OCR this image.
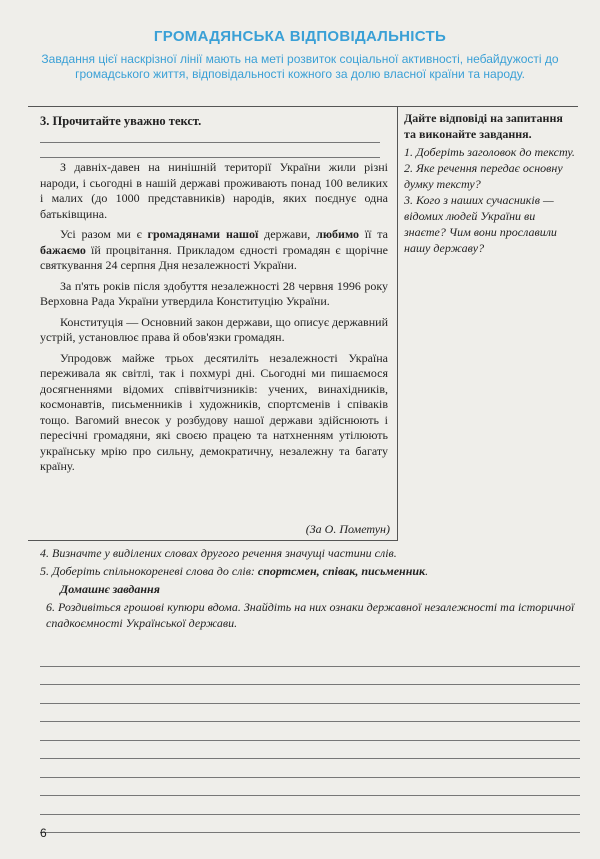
ГРОМАДЯНСЬКА ВІДПОВІДАЛЬНІСТЬ
Завдання цієї наскрізної лінії мають на меті розвиток соціальної активності, небайдужості до громадського життя, відповідальності кожного за долю власної країни та народу.
3. Прочитайте уважно текст.

З давніх-давен на нинішній території України жили різні народи, і сьогодні в нашій державі проживають понад 100 великих і малих (до 1000 представників) народів, яких поєднує одна батьківщина.

Усі разом ми є громадянами нашої держави, любимо її та бажаємо їй процвітання. Прикладом єдності громадян є щорічне святкування 24 серпня Дня незалежності України.

За п'ять років після здобуття незалежності 28 червня 1996 року Верховна Рада України утвердила Конституцію України.

Конституція — Основний закон держави, що описує державний устрій, установлює права й обов'язки громадян.

Упродовж майже трьох десятиліть незалежності Україна переживала як світлі, так і похмурі дні. Сьогодні ми пишаємося досягненнями відомих співвітчизників: учених, винахідників, космонавтів, письменників і художників, спортсменів і співаків тощо. Вагомий внесок у розбудову нашої держави здійснюють і пересічні громадяни, які своєю працею та натхненням утілюють українську мрію про сильну, демократичну, незалежну та багату країну.

(За О. Пометун)
Дайте відповіді на запитання та виконайте завдання.
1. Доберіть заголовок до тексту.
2. Яке речення передає основну думку тексту?
3. Кого з наших сучасників — відомих людей України ви знаєте? Чим вони прославили нашу державу?
4. Визначте у виділених словах другого речення значущі частини слів.
5. Доберіть спільнокореневі слова до слів: спортсмен, співак, письменник.
Домашнє завдання
6. Роздивіться грошові купюри вдома. Знайдіть на них ознаки державної незалежності та історичної спадкоємності Української держави.
6
